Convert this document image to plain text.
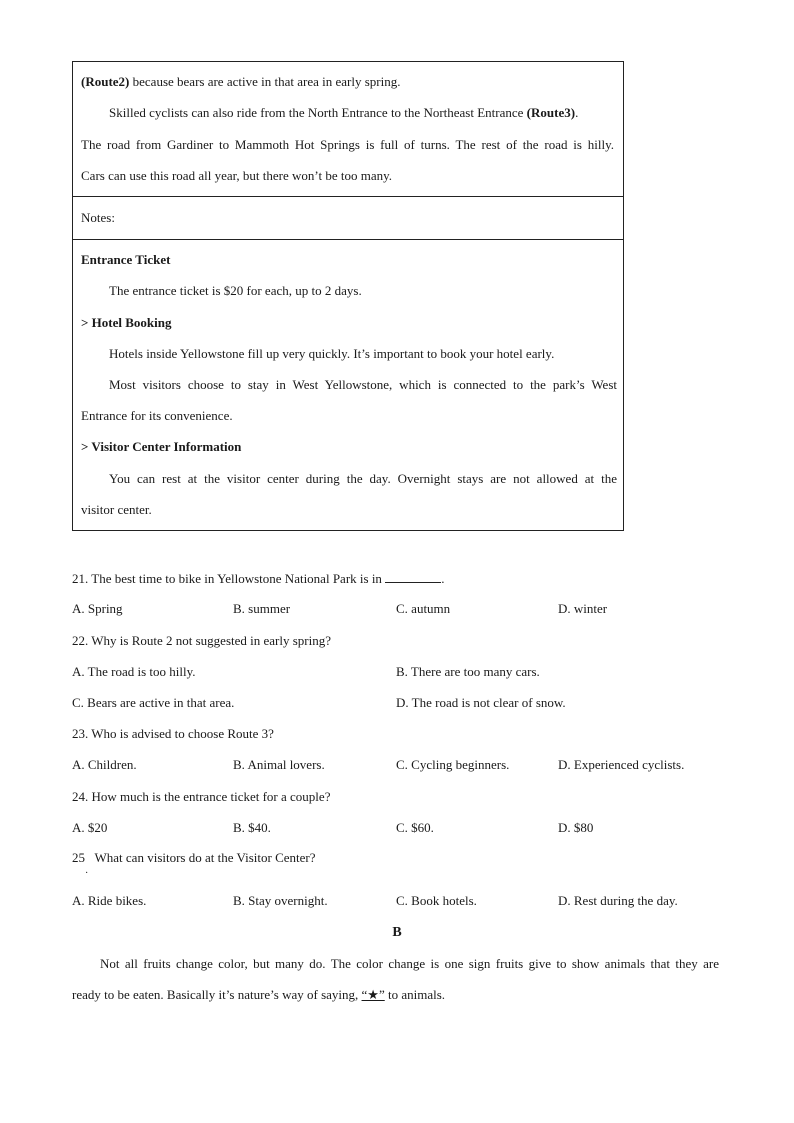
(Route2) because bears are active in that area in early spring.
Skilled cyclists can also ride from the North Entrance to the Northeast Entrance (Route3).
The road from Gardiner to Mammoth Hot Springs is full of turns. The rest of the road is hilly.
Cars can use this road all year, but there won’t be too many.
Notes:
Entrance Ticket
The entrance ticket is $20 for each, up to 2 days.
> Hotel Booking
Hotels inside Yellowstone fill up very quickly. It’s important to book your hotel early.
Most visitors choose to stay in West Yellowstone, which is connected to the park’s West
Entrance for its convenience.
> Visitor Center Information
You can rest at the visitor center during the day. Overnight stays are not allowed at the
visitor center.
21. The best time to bike in Yellowstone National Park is in	.
A. Spring	B. summer	C. autumn	D. winter
22. Why is Route 2 not suggested in early spring?
A. The road is too hilly.	B. There are too many cars.
C. Bears are active in that area.	D. The road is not clear of snow.
23. Who is advised to choose Route 3?
A. Children.	B. Animal lovers.	C. Cycling beginners.	D. Experienced cyclists.
24. How much is the entrance ticket for a couple?
A. $20	B. $40.	C. $60.	D. $80
25   What can visitors do at the Visitor Center?
·
A. Ride bikes.	B. Stay overnight.	C. Book hotels.	D. Rest during the day.
B
Not all fruits change color, but many do. The color change is one sign fruits give to show animals that they are
ready to be eaten. Basically it’s nature’s way of saying, “★” to animals.
